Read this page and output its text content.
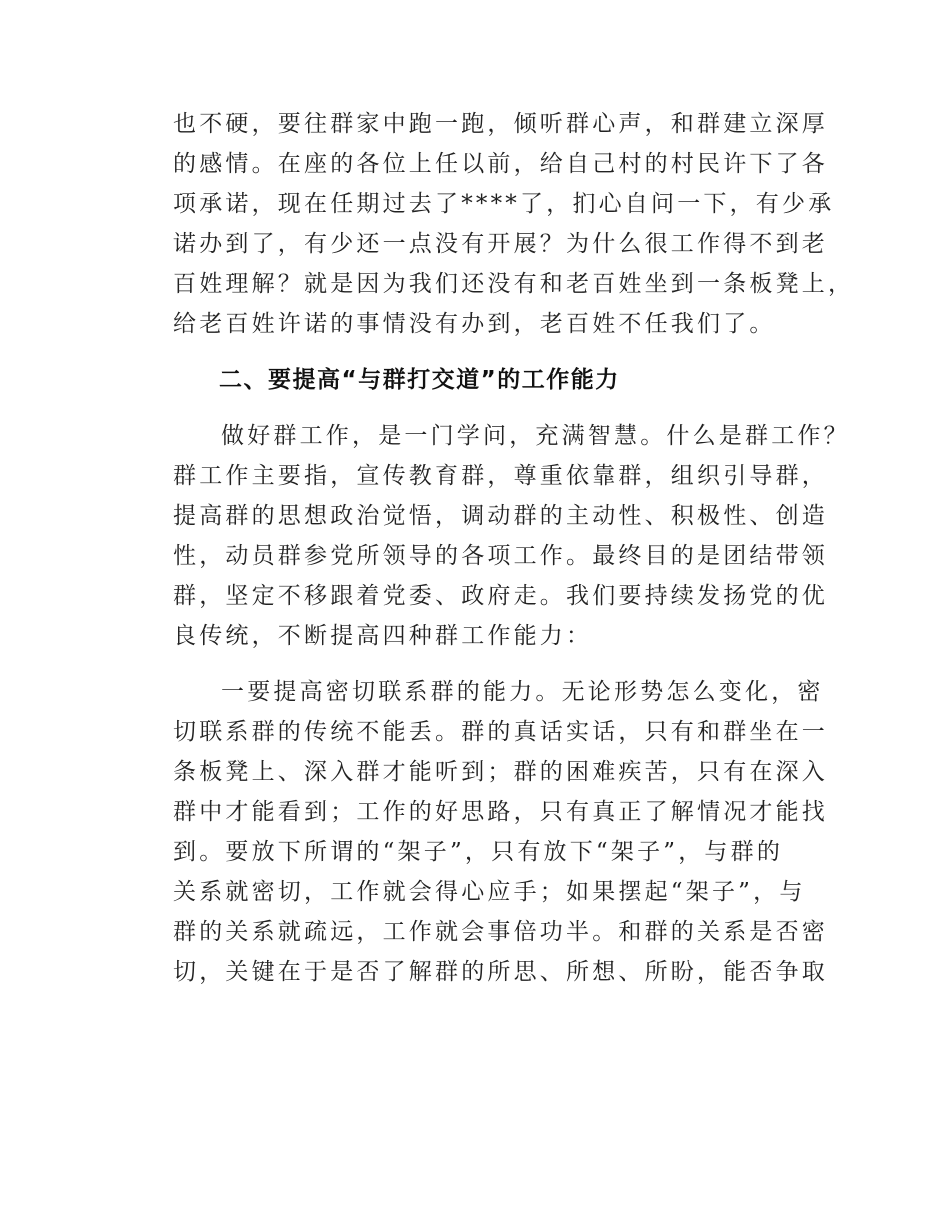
也不硬，要往群家中跑一跑，倾听群心声，和群建立深厚
的感情。在座的各位上任以前，给自己村的村民许下了各
项承诺，现在任期过去了****了，扪心自问一下，有少承
诺办到了，有少还一点没有开展？为什么很工作得不到老
百姓理解？就是因为我们还没有和老百姓坐到一条板凳上，
给老百姓许诺的事情没有办到，老百姓不任我们了。
二、要提高“与群打交道”的工作能力
做好群工作，是一门学问，充满智慧。什么是群工作？
群工作主要指，宣传教育群，尊重依靠群，组织引导群，
提高群的思想政治觉悟，调动群的主动性、积极性、创造
性，动员群参党所领导的各项工作。最终目的是团结带领
群，坚定不移跟着党委、政府走。我们要持续发扬党的优
良传统，不断提高四种群工作能力：
一要提高密切联系群的能力。无论形势怎么变化，密
切联系群的传统不能丢。群的真话实话，只有和群坐在一
条板凳上、深入群才能听到；群的困难疾苦，只有在深入
群中才能看到；工作的好思路，只有真正了解情况才能找
到。要放下所谓的“架子”，只有放下“架子”，与群的
关系就密切，工作就会得心应手；如果摆起“架子”，与
群的关系就疏远，工作就会事倍功半。和群的关系是否密
切，关键在于是否了解群的所思、所想、所盼，能否争取
